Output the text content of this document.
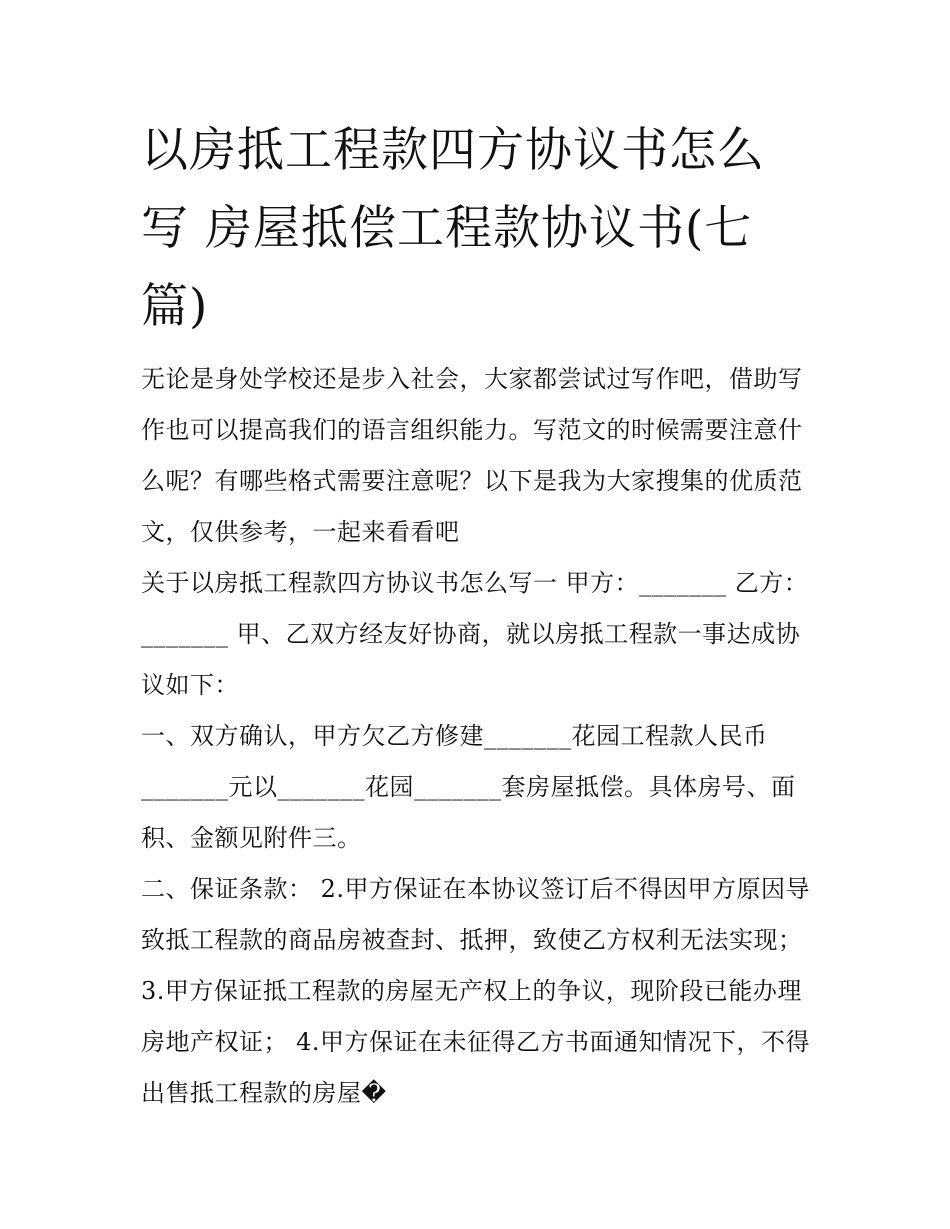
以房抵工程款四方协议书怎么
写 房屋抵偿工程款协议书(七
篇)
无论是身处学校还是步入社会，大家都尝试过写作吧，借助写
作也可以提高我们的语言组织能力。写范文的时候需要注意什
么呢？有哪些格式需要注意呢？以下是我为大家搜集的优质范
文，仅供参考，一起来看看吧
关于以房抵工程款四方协议书怎么写一 甲方：_______ 乙方：
_______ 甲、乙双方经友好协商，就以房抵工程款一事达成协
议如下：
一、双方确认，甲方欠乙方修建_______花园工程款人民币
_______元以_______花园_______套房屋抵偿。具体房号、面
积、金额见附件三。
二、保证条款： 2.甲方保证在本协议签订后不得因甲方原因导
致抵工程款的商品房被查封、抵押，致使乙方权利无法实现；
3.甲方保证抵工程款的房屋无产权上的争议，现阶段已能办理
房地产权证； 4.甲方保证在未征得乙方书面通知情况下，不得
出售抵工程款的房屋�
